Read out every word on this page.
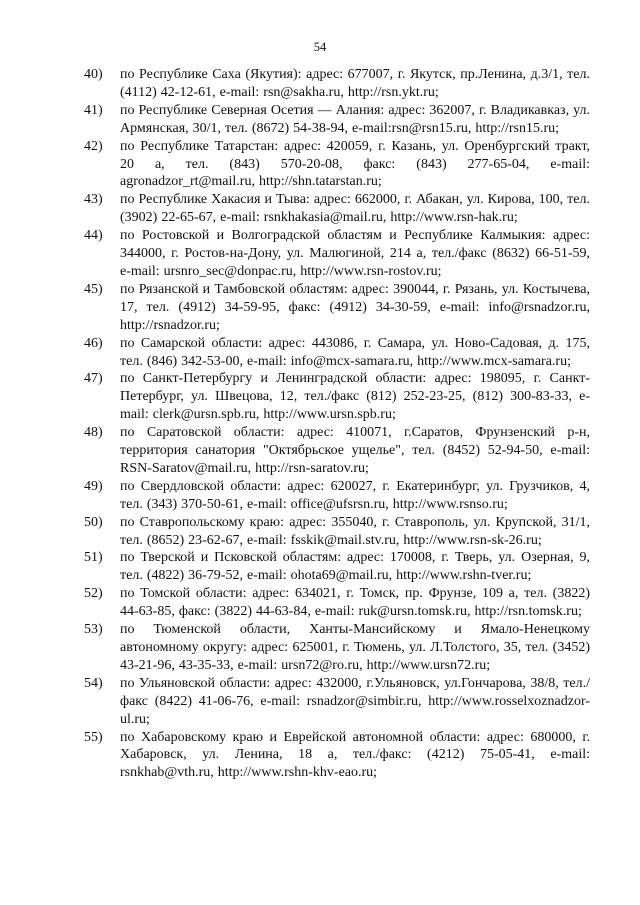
54
40)	по Республике Саха (Якутия): адрес: 677007, г. Якутск, пр.Ленина, д.3/1, тел. (4112) 42-12-61, e-mail: rsn@sakha.ru, http://rsn.ykt.ru;
41)	по Республике Северная Осетия — Алания: адрес: 362007, г. Владикавказ, ул. Армянская, 30/1, тел. (8672) 54-38-94, e-mail:rsn@rsn15.ru, http://rsn15.ru;
42)	по Республике Татарстан: адрес: 420059, г. Казань, ул. Оренбургский тракт, 20 а, тел. (843) 570-20-08, факс: (843) 277-65-04, e-mail: agronadzor_rt@mail.ru, http://shn.tatarstan.ru;
43)	по Республике Хакасия и Тыва: адрес: 662000, г. Абакан, ул. Кирова, 100, тел. (3902) 22-65-67, e-mail: rsnkhakasia@mail.ru, http://www.rsn-hak.ru;
44)	по Ростовской и Волгоградской областям и Республике Калмыкия: адрес: 344000, г. Ростов-на-Дону, ул. Малюгиной, 214 а, тел./факс (8632) 66-51-59, e-mail: ursnro_sec@donpac.ru, http://www.rsn-rostov.ru;
45)	по Рязанской и Тамбовской областям: адрес: 390044, г. Рязань, ул. Костычева, 17, тел. (4912) 34-59-95, факс: (4912) 34-30-59, e-mail: info@rsnadzor.ru, http://rsnadzor.ru;
46)	по Самарской области: адрес: 443086, г. Самара, ул. Ново-Садовая, д. 175, тел. (846) 342-53-00, e-mail: info@mcx-samara.ru, http://www.mcx-samara.ru;
47)	по Санкт-Петербургу и Ленинградской области: адрес: 198095, г. Санкт-Петербург, ул. Швецова, 12, тел./факс (812) 252-23-25, (812) 300-83-33, e-mail: clerk@ursn.spb.ru, http://www.ursn.spb.ru;
48)	по Саратовской области: адрес: 410071, г.Саратов, Фрунзенский р-н, территория санатория "Октябрьское ущелье", тел. (8452) 52-94-50, e-mail: RSN-Saratov@mail.ru, http://rsn-saratov.ru;
49)	по Свердловской области: адрес: 620027, г. Екатеринбург, ул. Грузчиков, 4, тел. (343) 370-50-61, e-mail: office@ufsrsn.ru, http://www.rsnso.ru;
50)	по Ставропольскому краю: адрес: 355040, г. Ставрополь, ул. Крупской, 31/1, тел. (8652) 23-62-67, e-mail: fsskik@mail.stv.ru, http://www.rsn-sk-26.ru;
51)	по Тверской и Псковской областям: адрес: 170008, г. Тверь, ул. Озерная, 9, тел. (4822) 36-79-52, e-mail: ohota69@mail.ru, http://www.rshn-tver.ru;
52)	по Томской области: адрес: 634021, г. Томск, пр. Фрунзе, 109 а, тел. (3822) 44-63-85, факс: (3822) 44-63-84, e-mail: ruk@ursn.tomsk.ru, http://rsn.tomsk.ru;
53)	по Тюменской области, Ханты-Мансийскому и Ямало-Ненецкому автономному округу: адрес: 625001, г. Тюмень, ул. Л.Толстого, 35, тел. (3452) 43-21-96, 43-35-33, e-mail: ursn72@ro.ru, http://www.ursn72.ru;
54)	по Ульяновской области: адрес: 432000, г.Ульяновск, ул.Гончарова, 38/8, тел./факс (8422) 41-06-76, e-mail: rsnadzor@simbir.ru, http://www.rosselxoznadzor-ul.ru;
55)	по Хабаровскому краю и Еврейской автономной области: адрес: 680000, г. Хабаровск, ул. Ленина, 18 а, тел./факс: (4212) 75-05-41, e-mail: rsnkhab@vth.ru, http://www.rshn-khv-eao.ru;
